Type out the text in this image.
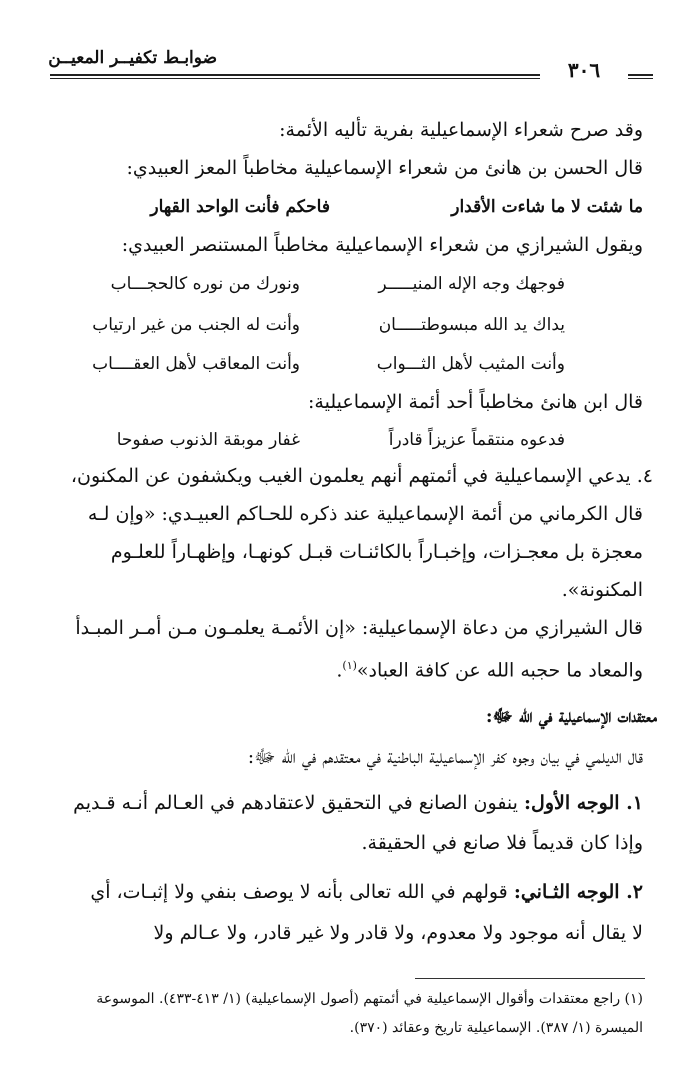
ضوابـط تكفيــر المعيــن	٣٠٦
وقد صرح شعراء الإسماعيلية بفرية تأليه الأئمة:
قال الحسن بن هانئ من شعراء الإسماعيلية مخاطباً المعز العبيدي:
ما شئت لا ما شاءت الأقدار
فاحكم فأنت الواحد القهار
ويقول الشيرازي من شعراء الإسماعيلية مخاطباً المستنصر العبيدي:
فوجهك وجه الإله المنيـــــر
ونورك من نوره كالحجـــاب
يداك يد الله مبسوطتـــــان
وأنت له الجنب من غير ارتياب
وأنت المثيب لأهل الثـــواب
وأنت المعاقب لأهل العقــــاب
قال ابن هانئ مخاطباً أحد أئمة الإسماعيلية:
فدعوه منتقماً عزيزاً قادراً
غفار موبقة الذنوب صفوحا
٤. يدعي الإسماعيلية في أئمتهم أنهم يعلمون الغيب ويكشفون عن المكنون،
قال الكرماني من أئمة الإسماعيلية عند ذكره للحـاكم العبيـدي: «وإن لـه
معجزة بل معجـزات، وإخبـاراً بالكائنـات قبـل كونهـا، وإظهـاراً للعلـوم
المكنونة».
قال الشيرازي من دعاة الإسماعيلية: «إن الأئمـة يعلمـون مـن أمـر المبـدأ
والمعاد ما حجبه الله عن كافة العباد»$^{(١)}$.
معتقدات الإسماعيلية في الله ﷻ:
قال الديلمي في بيان وجوه كفر الإسماعيلية الباطنية في معتقدهم في الله ﷻ:
١. الوجه الأول: ينفون الصانع في التحقيق لاعتقادهم في العـالم أنـه قـديم
وإذا كان قديماً فلا صانع في الحقيقة.
٢. الوجه الثـاني: قولهم في الله تعالى بأنه لا يوصف بنفي ولا إثبـات، أي
لا يقال أنه موجود ولا معدوم، ولا قادر ولا غير قادر، ولا عـالم ولا
(١) راجع معتقدات وأقوال الإسماعيلية في أئمتهم (أصول الإسماعيلية) (١/ ٤١٣-٤٣٣). الموسوعة
الميسرة (١/ ٣٨٧). الإسماعيلية تاريخ وعقائد (٣٧٠).
